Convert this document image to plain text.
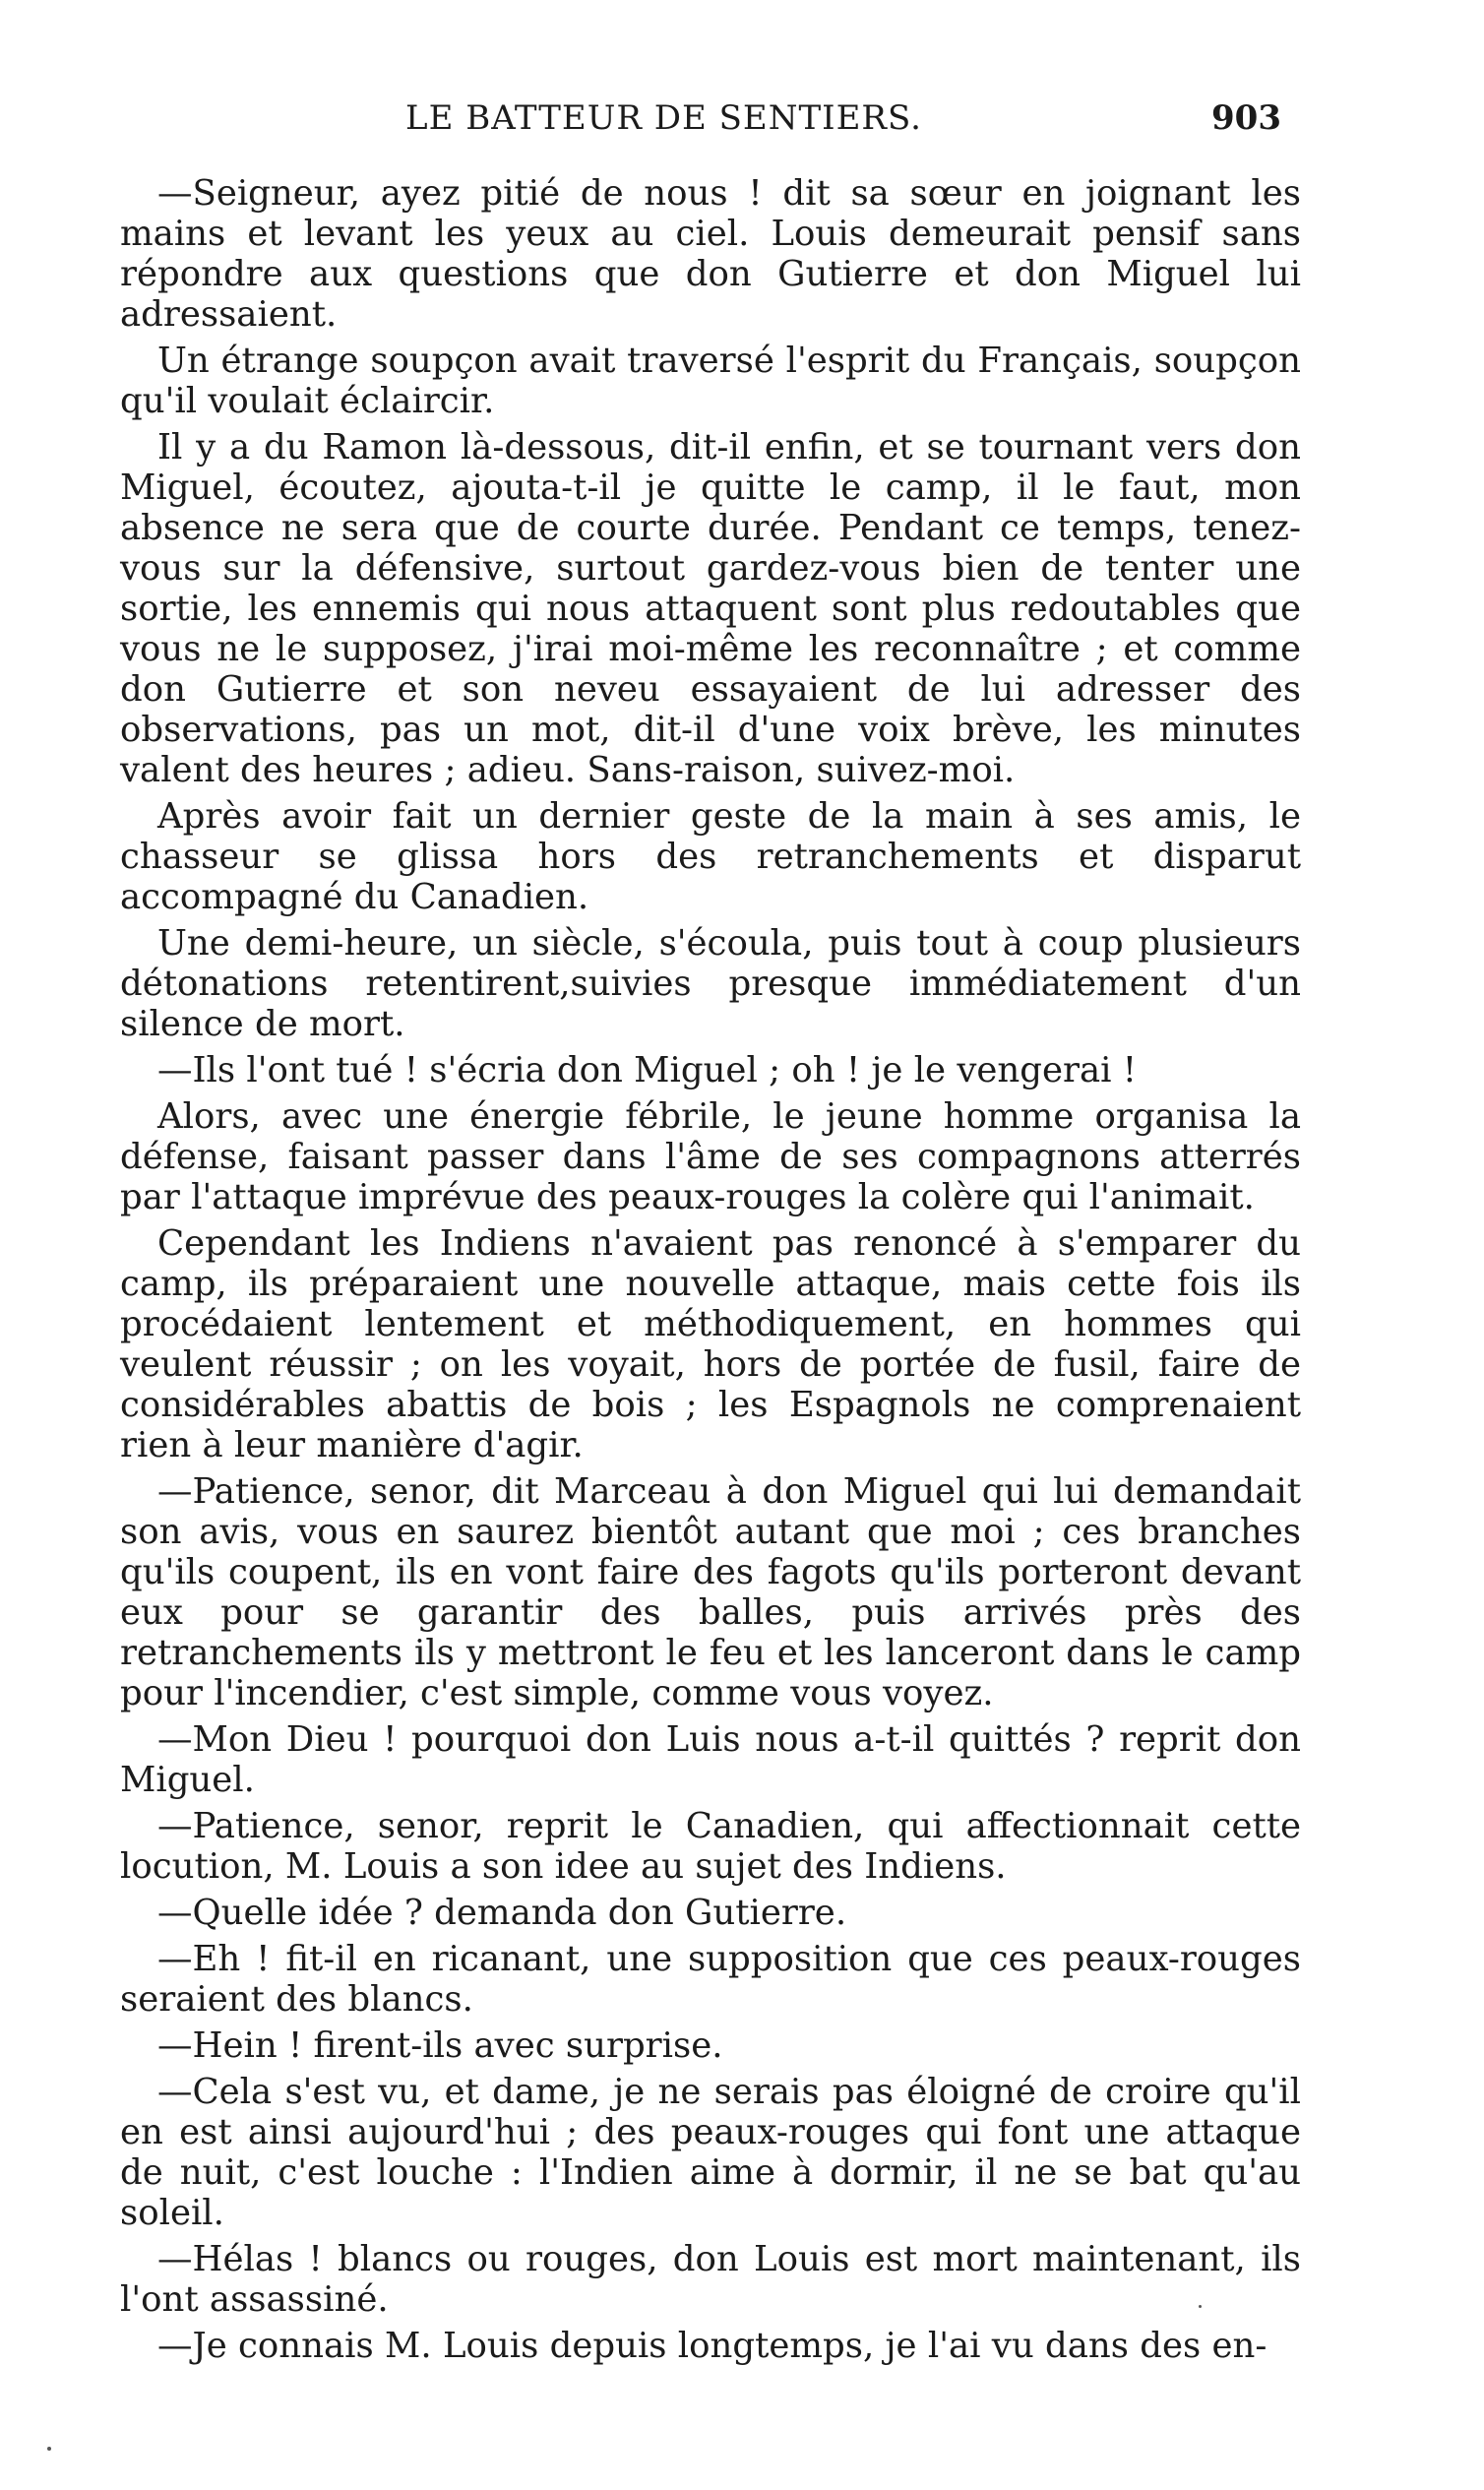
LE BATTEUR DE SENTIERS.	903

—Seigneur, ayez pitié de nous ! dit sa sœur en joignant les mains et levant les yeux au ciel. Louis demeurait pensif sans répondre aux questions que don Gutierre et don Miguel lui adressaient.

Un étrange soupçon avait traversé l'esprit du Français, soupçon qu'il voulait éclaircir.

Il y a du Ramon là-dessous, dit-il enfin, et se tournant vers don Miguel, écoutez, ajouta-t-il je quitte le camp, il le faut, mon absence ne sera que de courte durée. Pendant ce temps, tenez-vous sur la défensive, surtout gardez-vous bien de tenter une sortie, les ennemis qui nous attaquent sont plus redoutables que vous ne le supposez, j'irai moi-même les reconnaître ; et comme don Gutierre et son neveu essayaient de lui adresser des observations, pas un mot, dit-il d'une voix brève, les minutes valent des heures ; adieu. Sans-raison, suivez-moi.

Après avoir fait un dernier geste de la main à ses amis, le chasseur se glissa hors des retranchements et disparut accompagné du Canadien.

Une demi-heure, un siècle, s'écoula, puis tout à coup plusieurs détonations retentirent,suivies presque immédiatement d'un silence de mort.

—Ils l'ont tué ! s'écria don Miguel ; oh ! je le vengerai !

Alors, avec une énergie fébrile, le jeune homme organisa la défense, faisant passer dans l'âme de ses compagnons atterrés par l'attaque imprévue des peaux-rouges la colère qui l'animait.

Cependant les Indiens n'avaient pas renoncé à s'emparer du camp, ils préparaient une nouvelle attaque, mais cette fois ils procédaient lentement et méthodiquement, en hommes qui veulent réussir ; on les voyait, hors de portée de fusil, faire de considérables abattis de bois ; les Espagnols ne comprenaient rien à leur manière d'agir.

—Patience, senor, dit Marceau à don Miguel qui lui demandait son avis, vous en saurez bientôt autant que moi ; ces branches qu'ils coupent, ils en vont faire des fagots qu'ils porteront devant eux pour se garantir des balles, puis arrivés près des retranchements ils y mettront le feu et les lanceront dans le camp pour l'incendier, c'est simple, comme vous voyez.

—Mon Dieu ! pourquoi don Luis nous a-t-il quittés ? reprit don Miguel.

—Patience, senor, reprit le Canadien, qui affectionnait cette locution, M. Louis a son idee au sujet des Indiens.

—Quelle idée ? demanda don Gutierre.

—Eh ! fit-il en ricanant, une supposition que ces peaux-rouges seraient des blancs.

—Hein ! firent-ils avec surprise.

—Cela s'est vu, et dame, je ne serais pas éloigné de croire qu'il en est ainsi aujourd'hui ; des peaux-rouges qui font une attaque de nuit, c'est louche : l'Indien aime à dormir, il ne se bat qu'au soleil.

—Hélas ! blancs ou rouges, don Louis est mort maintenant, ils l'ont assassiné.

—Je connais M. Louis depuis longtemps, je l'ai vu dans des en-
